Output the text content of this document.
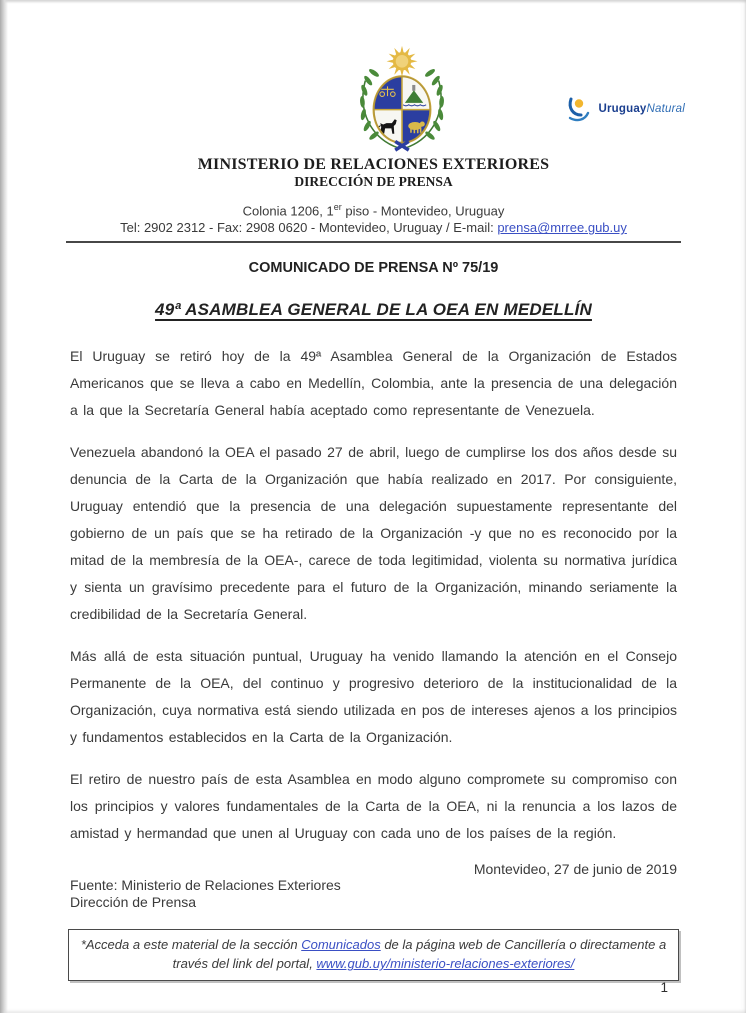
UruguayNatural
MINISTERIO DE RELACIONES EXTERIORES
DIRECCIÓN DE PRENSA
Colonia 1206, 1er piso - Montevideo, Uruguay
Tel: 2902 2312 - Fax: 2908 0620 - Montevideo, Uruguay / E-mail: prensa@mrree.gub.uy
COMUNICADO DE PRENSA Nº 75/19
49ª ASAMBLEA GENERAL DE LA OEA EN MEDELLÍN

El Uruguay se retiró hoy de la 49ª Asamblea General de la Organización de Estados Americanos que se lleva a cabo en Medellín, Colombia, ante la presencia de una delegación a la que la Secretaría General había aceptado como representante de Venezuela.

Venezuela abandonó la OEA el pasado 27 de abril, luego de cumplirse los dos años desde su denuncia de la Carta de la Organización que había realizado en 2017. Por consiguiente, Uruguay entendió que la presencia de una delegación supuestamente representante del gobierno de un país que se ha retirado de la Organización -y que no es reconocido por la mitad de la membresía de la OEA-, carece de toda legitimidad, violenta su normativa jurídica y sienta un gravísimo precedente para el futuro de la Organización, minando seriamente la credibilidad de la Secretaría General.

Más allá de esta situación puntual, Uruguay ha venido llamando la atención en el Consejo Permanente de la OEA, del continuo y progresivo deterioro de la institucionalidad de la Organización, cuya normativa está siendo utilizada en pos de intereses ajenos a los principios y fundamentos establecidos en la Carta de la Organización.

El retiro de nuestro país de esta Asamblea en modo alguno compromete su compromiso con los principios y valores fundamentales de la Carta de la OEA, ni la renuncia a los lazos de amistad y hermandad que unen al Uruguay con cada uno de los países de la región.

Montevideo, 27 de junio de 2019
Fuente: Ministerio de Relaciones Exteriores
Dirección de Prensa
*Acceda a este material de la sección Comunicados de la página web de Cancillería o directamente a través del link del portal, www.gub.uy/ministerio-relaciones-exteriores/
1
